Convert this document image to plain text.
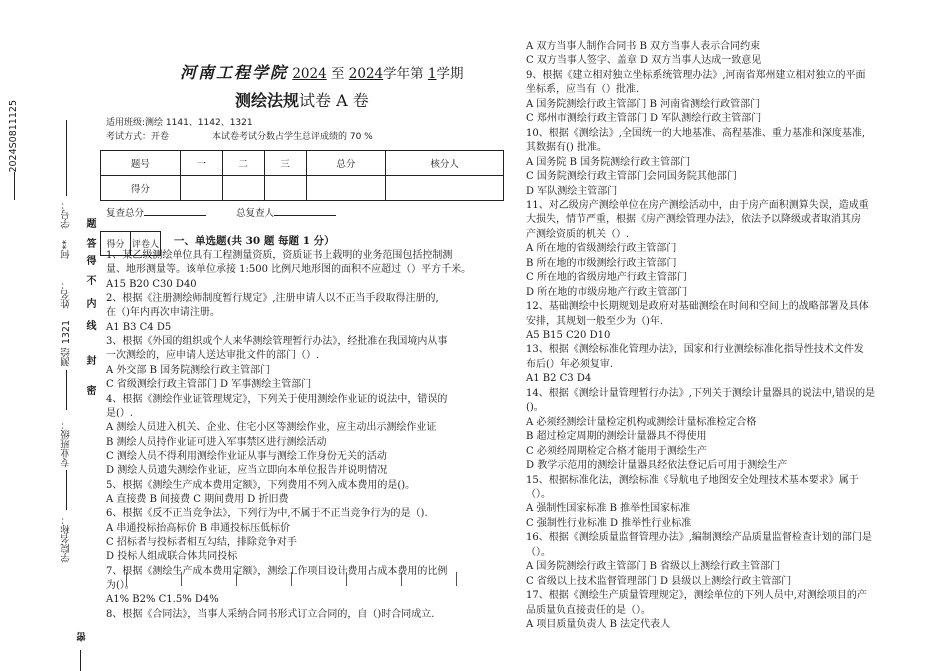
2024S0811125
学号：
姓名：
何**
测绘 1321
专业班级：
学院名称：
密
封
线
内
不
得
答
题
密
河南工程学院 2024 至 2024学年第 1学期
测绘法规试卷 A 卷
适用班级:测绘 1141、1142、1321
考试方式：开卷	本试卷考试分数占学生总评成绩的 70 %
题号	一	二	三	总分	核分人
得分					
复查总分	总复查人
得分	评卷人 一、单选题(共 30 题 每题 1 分）
1、某乙级测绘单位具有工程测量资质，资质证书上载明的业务范围包括控制测
量、地形测量等。该单位承接 1:500 比例尺地形图的面积不应超过（）平方千米。
A15 B20 C30 D40
2、根据《注册测绘师制度暂行规定》,注册申请人以不正当手段取得注册的,
在（)年内再次申请注册。
A1 B3 C4 D5
3、根据《外国的组织或个人来华测绘管理暂行办法》，经批准在我国境内从事
一次测绘的，应申请人送达审批文件的部门（）.
A 外交部 B 国务院测绘行政主管部门
C 省级测绘行政主管部门 D 军事测绘主管部门
4、根据《测绘作业证管理规定》，下列关于使用测绘作业证的说法中，错误的
是(）.
A 测绘人员进入机关、企业、住宅小区等测绘作业，应主动出示测绘作业证
B 测绘人员持作业证可进入军事禁区进行测绘活动
C 测绘人员不得利用测绘作业证从事与测绘工作身份无关的活动
D 测绘人员遗失测绘作业证，应当立即向本单位报告并说明情况
5、根据《测绘生产成本费用定额》，下列费用不列入成本费用的是()。
A 直接费 B 间接费 C 期间费用 D 折旧费
6、根据《反不正当竞争法》，下列行为中,不属于不正当竞争行为的是（).
A 串通投标抬高标价 B 串通投标压低标价
C 招标者与投标者相互勾结，排除竞争对手
D 投标人组成联合体共同投标
7、根据《测绘生产成本费用定额》，测绘工作项目设计费用占成本费用的比例
为(）。
A1% B2% C1.5% D4%
8、根据《合同法》，当事人采纳合同书形式订立合同的，自（)时合同成立.
A 双方当事人制作合同书 B 双方当事人表示合同约束
C 双方当事人签字、盖章 D 双方当事人达成一致意见
9、根据《建立相对独立坐标系统管理办法》,河南省郑州建立相对独立的平面
坐标系，应当有（）批准.
A 国务院测绘行政主管部门 B 河南省测绘行政管部门
C 郑州市测绘行政主管部门 D 军队测绘行政主管部门
10、根据《测绘法》,全国统一的大地基准、高程基准、重力基准和深度基准,
其数据有() 批准。
A 国务院 B 国务院测绘行政主管部门
C 国务院测绘行政主管部门会同国务院其他部门
D 军队测绘主管部门
11、对乙级房产测绘单位在房产测绘活动中，由于房产面积测算失误，造成重
大损失，情节严重，根据《房产测绘管理办法》，依法予以降级或者取消其房
产测绘资质的机关（）.
A 所在地的省级测绘行政主管部门
B 所在地的市级测绘行政主管部门
C 所在地的省级房地产行政主管部门
D 所在地的市级房地产行政主管部门
12、基础测绘中长期规划是政府对基础测绘在时间和空间上的战略部署及具体
安排，其规划一般至少为（)年.
A5 B15 C20 D10
13、根据《测绘标准化管理办法》，国家和行业测绘标准化指导性技术文件发
布后(）年必须复审.
A1 B2 C3 D4
14、根据《测绘计量管理暂行办法》,下列关于测绘计量器具的说法中,错误的是
()。
A 必须经测绘计量检定机构或测绘计量标准检定合格
B 超过检定周期的测绘计量器具不得使用
C 必须经周期检定合格才能用于测绘生产
D 教学示范用的测绘计量器具经依法登记后可用于测绘生产
15、根据标准化法，测绘标准《导航电子地图安全处理技术基本要求》属于
（）。
A 强制性国家标准 B 推举性国家标准
C 强制性行业标准 D 推举性行业标准
16、根据《测绘质量监督管理办法》,编制测绘产品质量监督检查计划的部门是
（）。
A 国务院测绘行政主管部门 B 省级以上测绘行政主管部门
C 省级以上技术监督管理部门 D 县级以上测绘行政主管部门
17、根据《测绘生产质量管理规定》，测绘单位的下列人员中,对测绘项目的产
品质量负直接责任的是（）。
A 项目质量负责人 B 法定代表人
